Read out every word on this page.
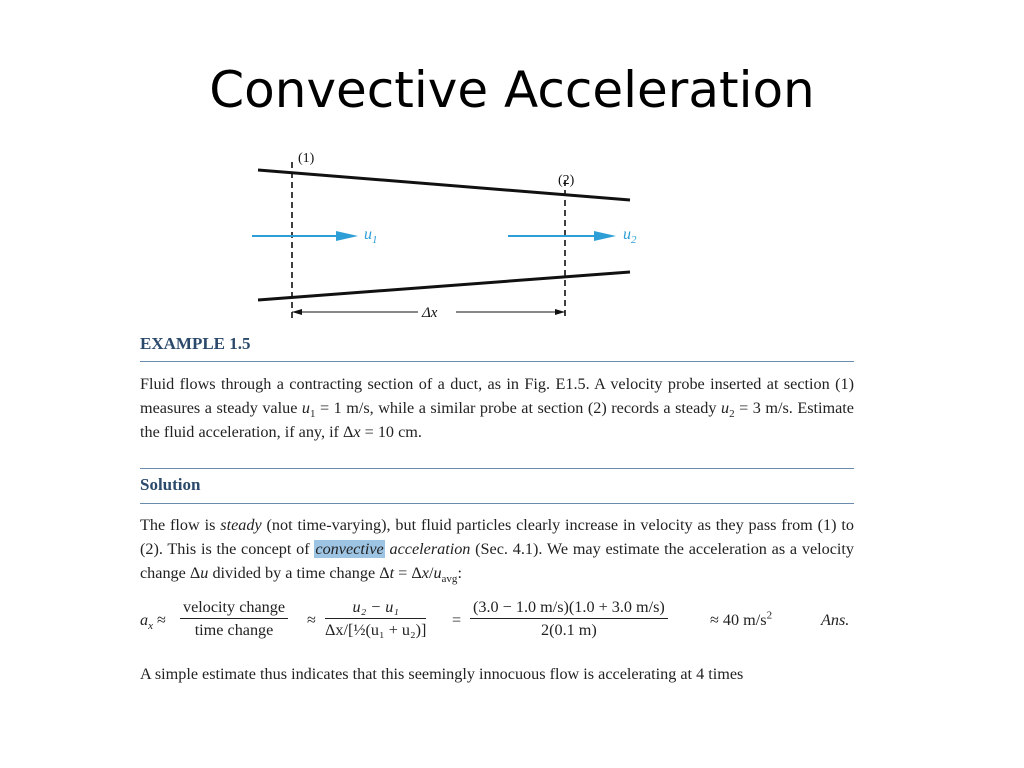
Convective Acceleration
(1)
(2)
$u_1$	$u_2$
Δx
EXAMPLE 1.5
Fluid flows through a contracting section of a duct, as in Fig. E1.5. A velocity probe inserted at section (1) measures a steady value $u_1 = 1$ m/s, while a similar probe at section (2) records a steady $u_2 = 3$ m/s. Estimate the fluid acceleration, if any, if Δx = 10 cm.
Solution
The flow is steady (not time-varying), but fluid particles clearly increase in velocity as they pass from (1) to (2). This is the concept of convective acceleration (Sec. 4.1). We may estimate the acceleration as a velocity change Δu divided by a time change $\Delta t = \Delta x/u_{avg}$:
$a_x$ ≈
velocity change
time change
≈ $\frac{\text{u₂ − u₁}}{\text{Δx/[½(u₁ + u₂)]}} = \frac{(3.0 - 1.0 m/s)(1.0 + 3.0 m/s)}{2(0.1 m)}$	≈ 40 $m/s^2$	Ans.
A simple estimate thus indicates that this seemingly innocuous flow is accelerating at 4 times
